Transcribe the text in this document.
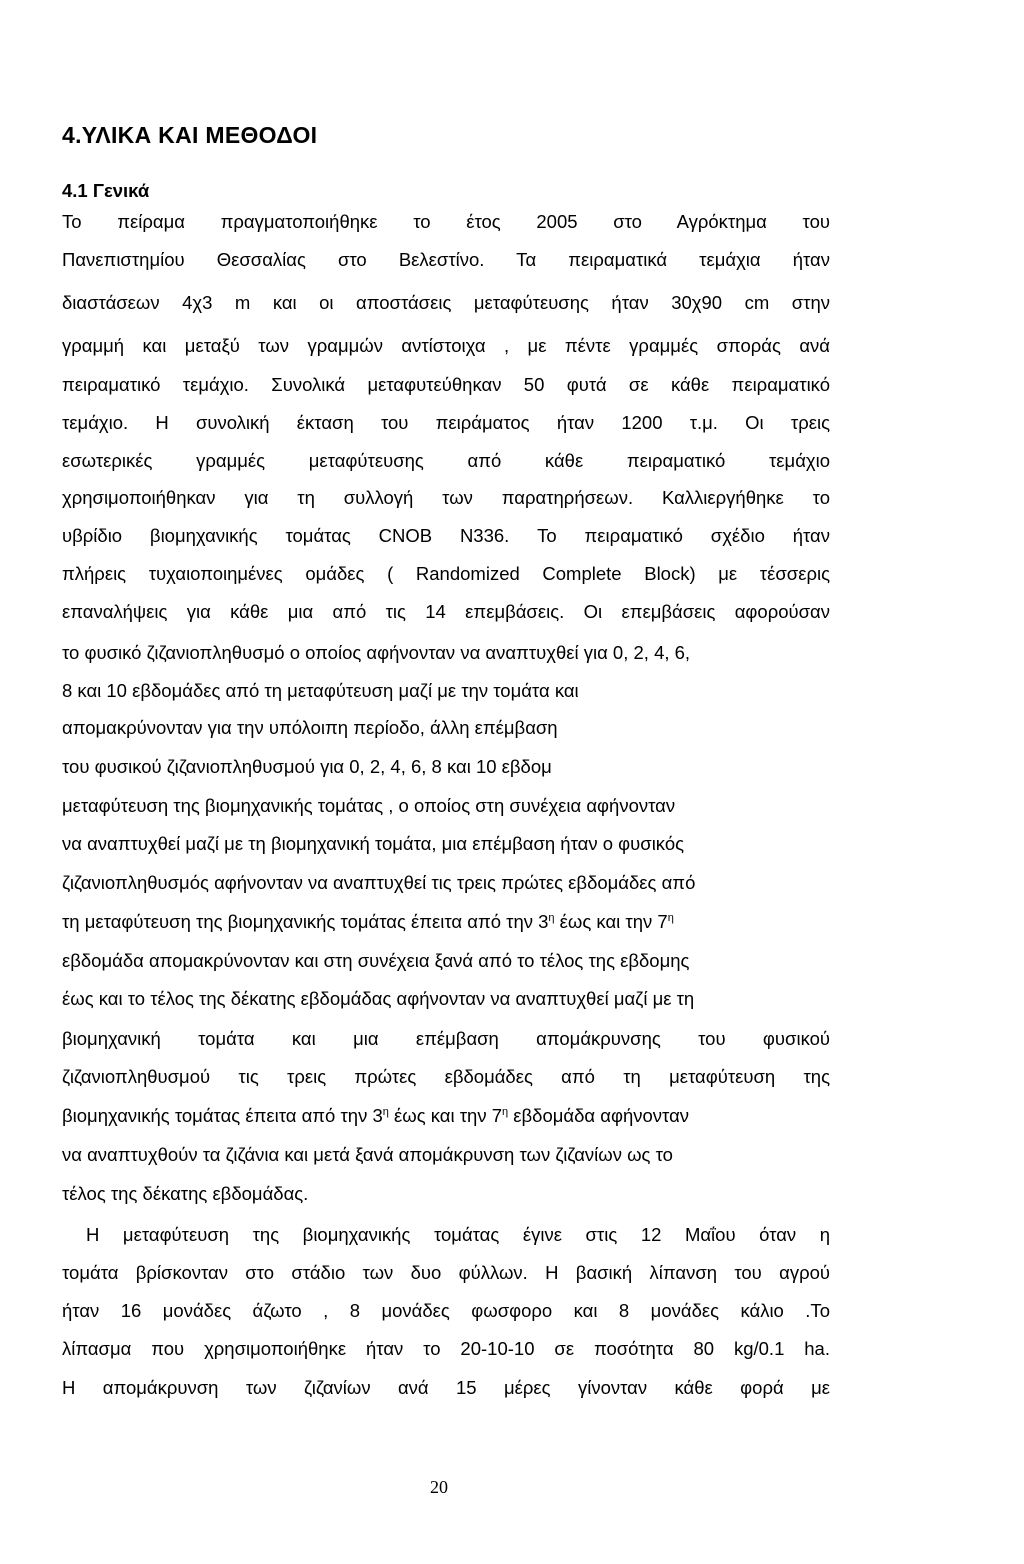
4.ΥΛΙΚΑ ΚΑΙ ΜΕΘΟΔΟΙ
4.1 Γενικά
Το πείραμα πραγματοποιήθηκε το έτος 2005 στο Αγρόκτημα του
Πανεπιστημίου Θεσσαλίας στο Βελεστίνο. Τα πειραματικά τεμάχια ήταν
διαστάσεων 4χ3 m και οι αποστάσεις μεταφύτευσης ήταν 30χ90 cm στην
γραμμή και μεταξύ των γραμμών αντίστοιχα , με πέντε γραμμές σποράς ανά
πειραματικό τεμάχιο. Συνολικά μεταφυτεύθηκαν 50 φυτά σε κάθε πειραματικό
τεμάχιο. Η συνολική έκταση του πειράματος ήταν 1200 τ.μ. Οι τρεις
εσωτερικές γραμμές μεταφύτευσης από κάθε πειραματικό τεμάχιο
χρησιμοποιήθηκαν για τη συλλογή των παρατηρήσεων. Καλλιεργήθηκε το
υβρίδιο βιομηχανικής τομάτας CNOB N336. Το πειραματικό σχέδιο ήταν
πλήρεις τυχαιοποιημένες ομάδες ( Randomized Complete Block) με τέσσερις
επαναλήψεις για κάθε μια από τις 14 επεμβάσεις. Οι επεμβάσεις αφορούσαν
το φυσικό ζιζανιοπληθυσμό ο οποίος αφήνονταν να αναπτυχθεί για 0, 2, 4, 6,
8 και 10 εβδομάδες από τη μεταφύτευση μαζί με την τομάτα και
απομακρύνονταν για την υπόλοιπη περίοδο, άλλη επέμβαση
του φυσικού ζιζανιοπληθυσμού για 0, 2, 4, 6, 8 και 10 εβδομ
μεταφύτευση της βιομηχανικής τομάτας , ο οποίος στη συνέχεια αφήνονταν
να αναπτυχθεί μαζί με τη βιομηχανική τομάτα, μια επέμβαση ήταν ο φυσικός
ζιζανιοπληθυσμός αφήνονταν να αναπτυχθεί τις τρεις πρώτες εβδομάδες από
τη μεταφύτευση της βιομηχανικής τομάτας έπειτα από την $3^\eta$ έως και την $7^\eta$
εβδομάδα απομακρύνονταν και στη συνέχεια ξανά από το τέλος της εβδομης
έως και το τέλος της δέκατης εβδομάδας αφήνονταν να αναπτυχθεί μαζί με τη
βιομηχανική τομάτα και μια επέμβαση απομάκρυνσης του φυσικού
ζιζανιοπληθυσμού τις τρεις πρώτες εβδομάδες από τη μεταφύτευση της
βιομηχανικής τομάτας έπειτα από την $3^\eta$ έως και την $7^\eta$ εβδομάδα αφήνονταν
να αναπτυχθούν τα ζιζάνια και μετά ξανά απομάκρυνση των ζιζανίων ως το
τέλος της δέκατης εβδομάδας.
Η μεταφύτευση της βιομηχανικής τομάτας έγινε στις 12 Μαΐου όταν η
τομάτα βρίσκονταν στο στάδιο των δυο φύλλων. Η βασική λίπανση του αγρού
ήταν 16 μονάδες άζωτο , 8 μονάδες φωσφορο και 8 μονάδες κάλιο .Το
λίπασμα που χρησιμοποιήθηκε ήταν το 20-10-10 σε ποσότητα 80 kg/0.1 ha.
Η απομάκρυνση των ζιζανίων ανά 15 μέρες γίνονταν κάθε φορά με
20
